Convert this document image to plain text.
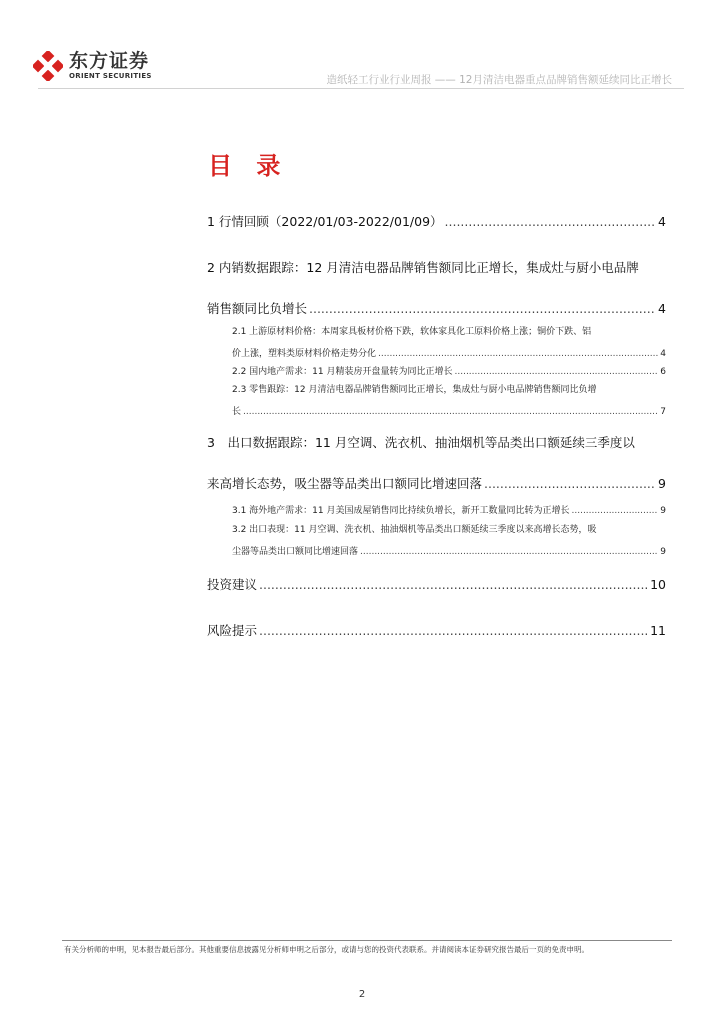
东方证券
ORIENT SECURITIES	造纸轻工行业行业周报 —— 12月清洁电器重点品牌销售额延续同比正增长
目 录
1 行情回顾（2022/01/03-2022/01/09） .....	4
2 内销数据跟踪：12 月清洁电器品牌销售额同比正增长，集成灶与厨小电品牌
销售额同比负增长 .....	4
2.1 上游原材料价格：本周家具板材价格下跌，软体家具化工原料价格上涨；铜价下跌、铝
价上涨，塑料类原材料价格走势分化 .....	4
2.2 国内地产需求：11 月精装房开盘量转为同比正增长 .....	6
2.3 零售跟踪：12 月清洁电器品牌销售额同比正增长，集成灶与厨小电品牌销售额同比负增
长 .....	7
3　出口数据跟踪：11 月空调、洗衣机、抽油烟机等品类出口额延续三季度以
来高增长态势，吸尘器等品类出口额同比增速回落 .....	9
3.1 海外地产需求：11 月美国成屋销售同比持续负增长，新开工数量同比转为正增长 .....	9
3.2 出口表现：11 月空调、洗衣机、抽油烟机等品类出口额延续三季度以来高增长态势，吸
尘器等品类出口额同比增速回落 .....	9
投资建议 .....	10
风险提示 .....	11
有关分析师的申明，见本报告最后部分。其他重要信息披露见分析师申明之后部分，或请与您的投资代表联系。并请阅读本证券研究报告最后一页的免责申明。
2
